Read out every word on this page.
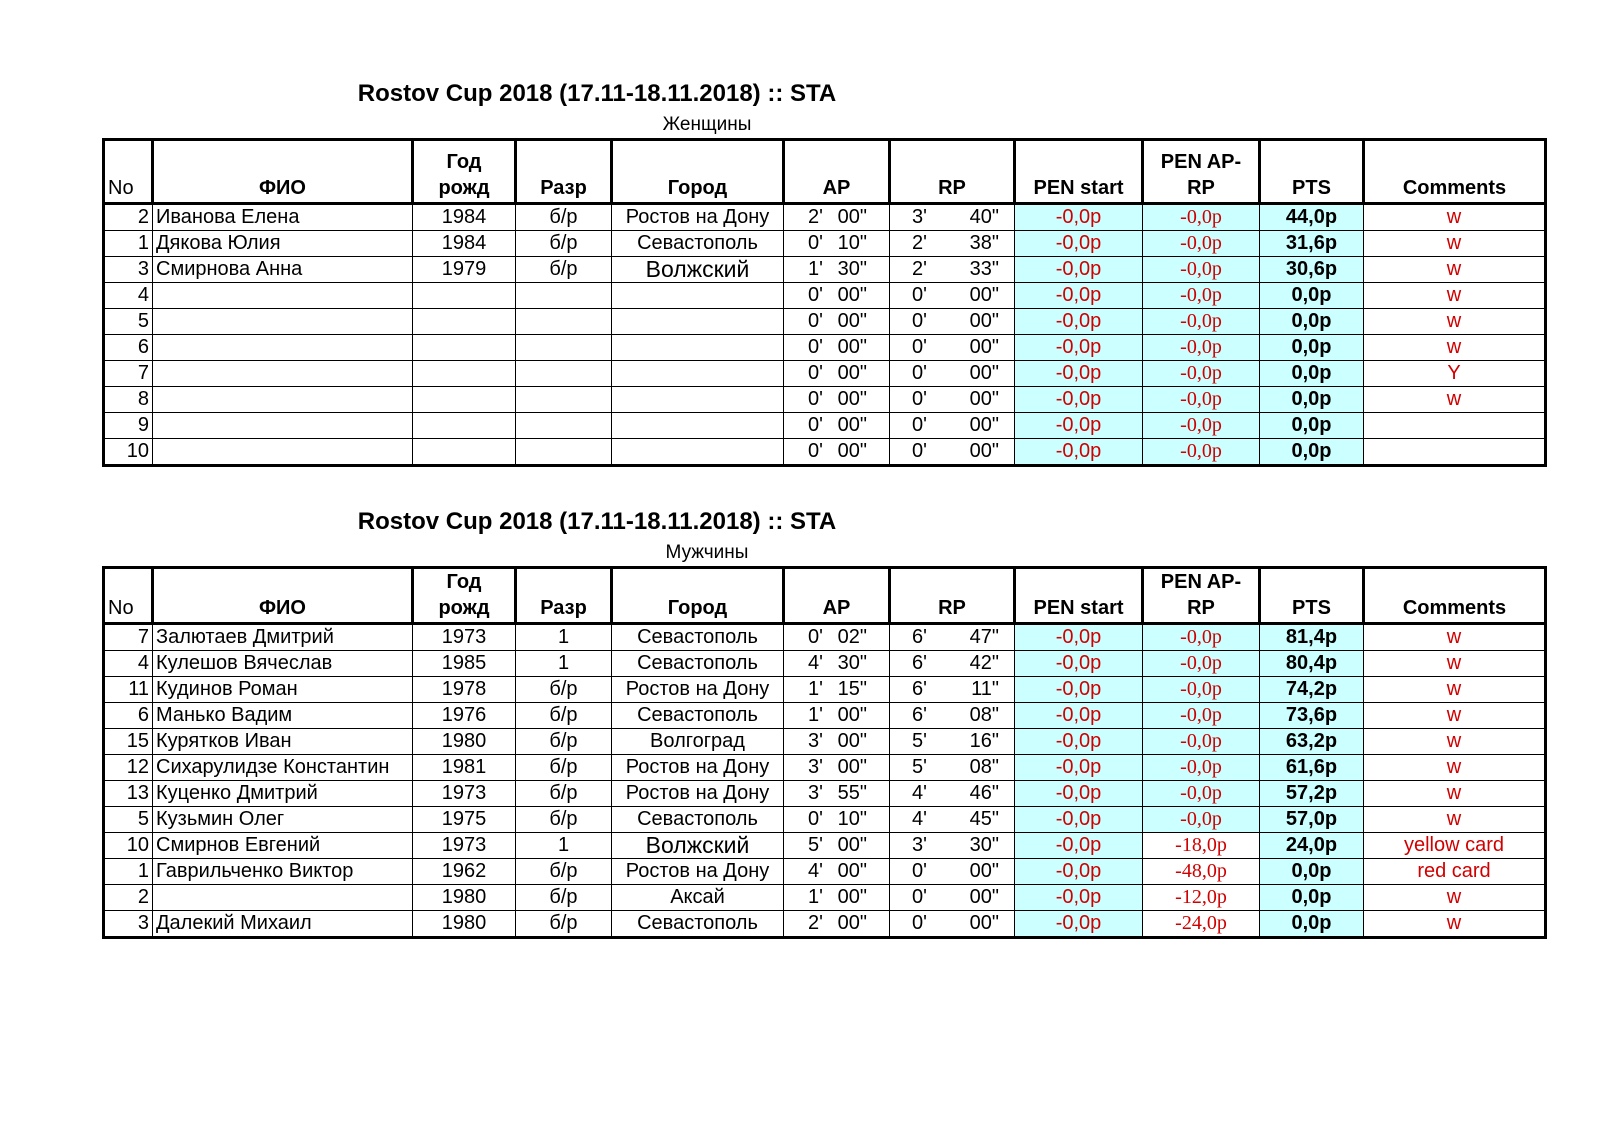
Rostov Cup 2018 (17.11-18.11.2018) :: STA
Женщины
No	ФИО	Год рожд	Разр	Город	AP	RP	PEN start	PEN AP-RP	PTS	Comments
2	Иванова Елена	1984	б/р	Ростов на Дону	2' 00"	3' 40"	-0,0р	-0,0р	44,0р	w
1	Дякова Юлия	1984	б/р	Севастополь	0' 10"	2' 38"	-0,0р	-0,0р	31,6р	w
3	Смирнова Анна	1979	б/р	Волжский	1' 30"	2' 33"	-0,0р	-0,0р	30,6р	w
4					0' 00"	0' 00"	-0,0р	-0,0р	0,0р	w
5					0' 00"	0' 00"	-0,0р	-0,0р	0,0р	w
6					0' 00"	0' 00"	-0,0р	-0,0р	0,0р	w
7					0' 00"	0' 00"	-0,0р	-0,0р	0,0р	Y
8					0' 00"	0' 00"	-0,0р	-0,0р	0,0р	w
9					0' 00"	0' 00"	-0,0р	-0,0р	0,0р	
10					0' 00"	0' 00"	-0,0р	-0,0р	0,0р	
Rostov Cup 2018 (17.11-18.11.2018) :: STA
Мужчины
No	ФИО	Год рожд	Разр	Город	AP	RP	PEN start	PEN AP-RP	PTS	Comments
7	Залютаев Дмитрий	1973	1	Севастополь	0' 02"	6' 47"	-0,0р	-0,0р	81,4р	w
4	Кулешов Вячеслав	1985	1	Севастополь	4' 30"	6' 42"	-0,0р	-0,0р	80,4р	w
11	Кудинов Роман	1978	б/р	Ростов на Дону	1' 15"	6' 11"	-0,0р	-0,0р	74,2р	w
6	Манько Вадим	1976	б/р	Севастополь	1' 00"	6' 08"	-0,0р	-0,0р	73,6р	w
15	Курятков Иван	1980	б/р	Волгоград	3' 00"	5' 16"	-0,0р	-0,0р	63,2р	w
12	Сихарулидзе Константин	1981	б/р	Ростов на Дону	3' 00"	5' 08"	-0,0р	-0,0р	61,6р	w
13	Куценко Дмитрий	1973	б/р	Ростов на Дону	3' 55"	4' 46"	-0,0р	-0,0р	57,2р	w
5	Кузьмин Олег	1975	б/р	Севастополь	0' 10"	4' 45"	-0,0р	-0,0р	57,0р	w
10	Смирнов Евгений	1973	1	Волжский	5' 00"	3' 30"	-0,0р	-18,0р	24,0р	yellow card
1	Гаврильченко Виктор	1962	б/р	Ростов на Дону	4' 00"	0' 00"	-0,0р	-48,0р	0,0р	red card
2		1980	б/р	Аксай	1' 00"	0' 00"	-0,0р	-12,0р	0,0р	w
3	Далекий Михаил	1980	б/р	Севастополь	2' 00"	0' 00"	-0,0р	-24,0р	0,0р	w
